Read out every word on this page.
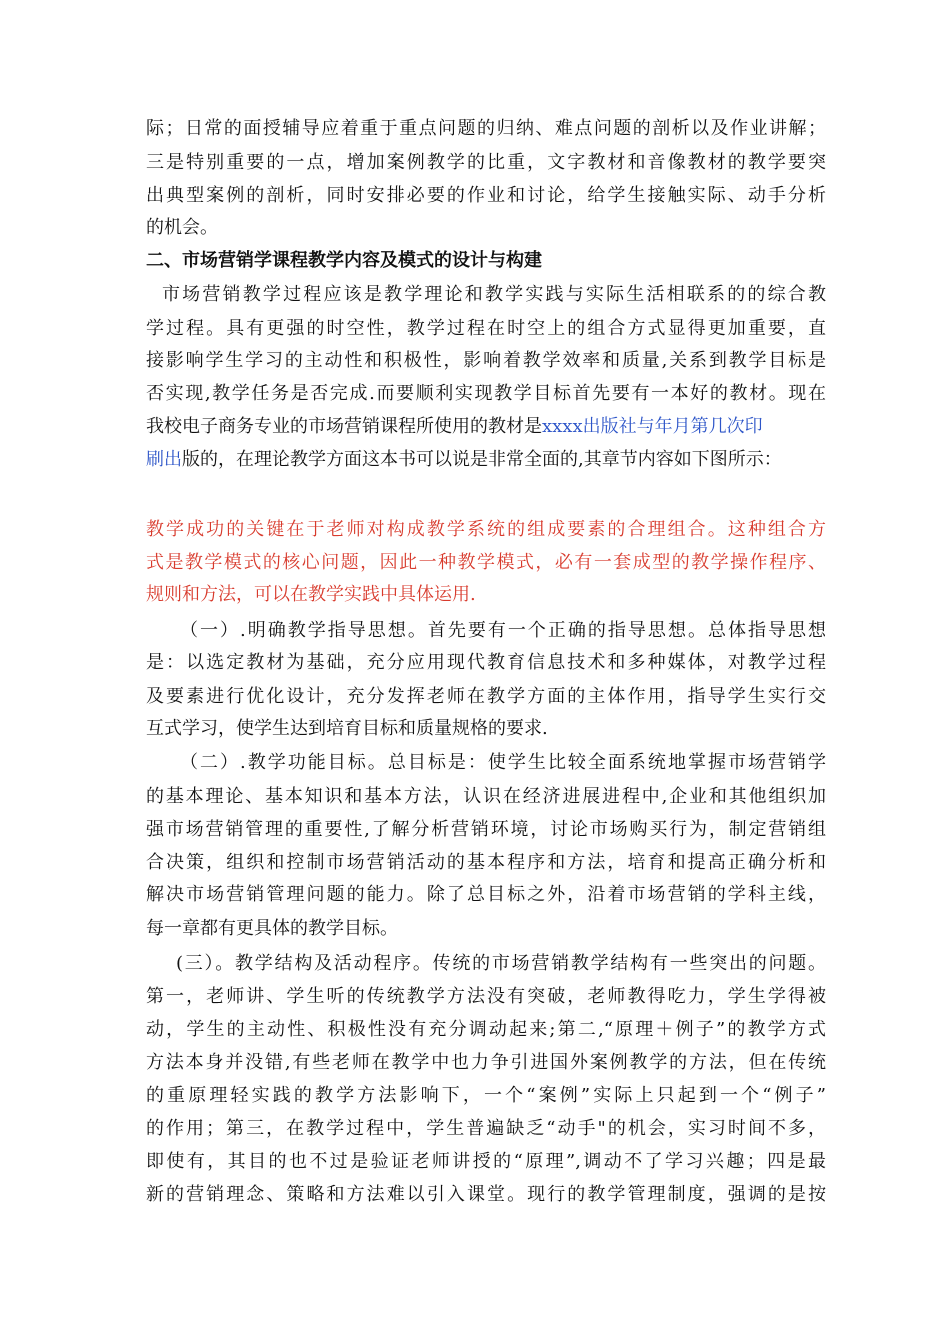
际；日常的面授辅导应着重于重点问题的归纳、难点问题的剖析以及作业讲解；
三是特别重要的一点，增加案例教学的比重，文字教材和音像教材的教学要突
出典型案例的剖析，同时安排必要的作业和讨论，给学生接触实际、动手分析
的机会。
二、市场营销学课程教学内容及模式的设计与构建
市场营销教学过程应该是教学理论和教学实践与实际生活相联系的的综合教
学过程。具有更强的时空性，教学过程在时空上的组合方式显得更加重要，直
接影响学生学习的主动性和积极性，影响着教学效率和质量,关系到教学目标是
否实现,教学任务是否完成.而要顺利实现教学目标首先要有一本好的教材。现在
我校电子商务专业的市场营销课程所使用的教材是xxxx出版社与年月第几次印
刷出版的，在理论教学方面这本书可以说是非常全面的,其章节内容如下图所示：
教学成功的关键在于老师对构成教学系统的组成要素的合理组合。这种组合方
式是教学模式的核心问题，因此一种教学模式，必有一套成型的教学操作程序、
规则和方法，可以在教学实践中具体运用.
（一）.明确教学指导思想。首先要有一个正确的指导思想。总体指导思想
是：以选定教材为基础，充分应用现代教育信息技术和多种媒体，对教学过程
及要素进行优化设计，充分发挥老师在教学方面的主体作用，指导学生实行交
互式学习，使学生达到培育目标和质量规格的要求.
（二）.教学功能目标。总目标是：使学生比较全面系统地掌握市场营销学
的基本理论、基本知识和基本方法，认识在经济进展进程中,企业和其他组织加
强市场营销管理的重要性,了解分析营销环境，讨论市场购买行为，制定营销组
合决策，组织和控制市场营销活动的基本程序和方法，培育和提高正确分析和
解决市场营销管理问题的能力。除了总目标之外，沿着市场营销的学科主线，
每一章都有更具体的教学目标。
(三）。教学结构及活动程序。传统的市场营销教学结构有一些突出的问题。
第一，老师讲、学生听的传统教学方法没有突破，老师教得吃力，学生学得被
动，学生的主动性、积极性没有充分调动起来;第二,“原理＋例子”的教学方式
方法本身并没错,有些老师在教学中也力争引进国外案例教学的方法，但在传统
的重原理轻实践的教学方法影响下，一个“案例”实际上只起到一个“例子”
的作用；第三，在教学过程中，学生普遍缺乏“动手"的机会，实习时间不多，
即使有，其目的也不过是验证老师讲授的“原理”,调动不了学习兴趣；四是最
新的营销理念、策略和方法难以引入课堂。现行的教学管理制度，强调的是按
